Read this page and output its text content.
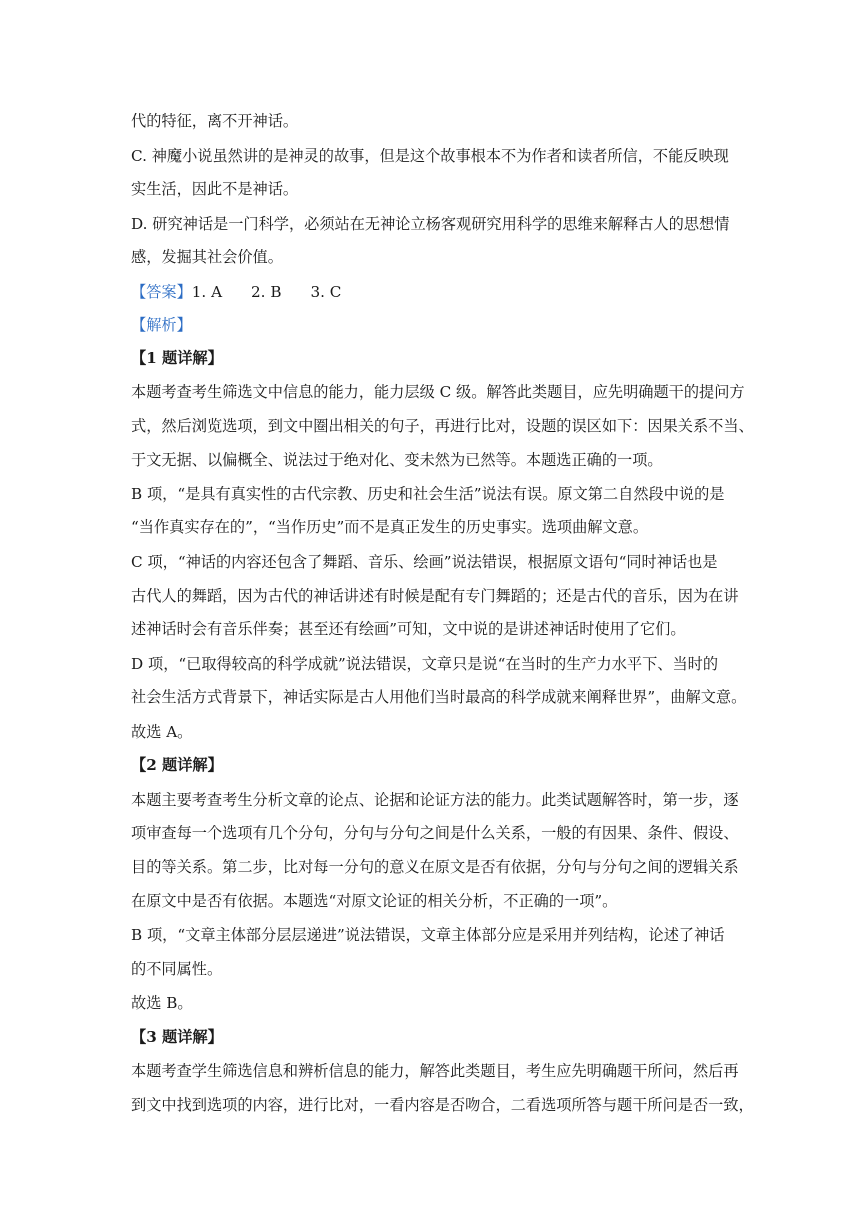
代的特征，离不开神话。
C. 神魔小说虽然讲的是神灵的故事，但是这个故事根本不为作者和读者所信，不能反映现
实生活，因此不是神话。
D. 研究神话是一门科学，必须站在无神论立杨客观研究用科学的思维来解释古人的思想情
感，发掘其社会价值。
【答案】1. A      2. B      3. C
【解析】
【1 题详解】
本题考查考生筛选文中信息的能力，能力层级 C 级。解答此类题目，应先明确题干的提问方
式，然后浏览选项，到文中圈出相关的句子，再进行比对，设题的误区如下：因果关系不当、
于文无据、以偏概全、说法过于绝对化、变未然为已然等。本题选正确的一项。
B 项，“是具有真实性的古代宗教、历史和社会生活”说法有误。原文第二自然段中说的是
“当作真实存在的”，“当作历史”而不是真正发生的历史事实。选项曲解文意。
C 项，“神话的内容还包含了舞蹈、音乐、绘画”说法错误，根据原文语句“同时神话也是
古代人的舞蹈，因为古代的神话讲述有时候是配有专门舞蹈的；还是古代的音乐，因为在讲
述神话时会有音乐伴奏；甚至还有绘画”可知，文中说的是讲述神话时使用了它们。
D 项，“已取得较高的科学成就”说法错误，文章只是说“在当时的生产力水平下、当时的
社会生活方式背景下，神话实际是古人用他们当时最高的科学成就来阐释世界”，曲解文意。
故选 A。
【2 题详解】
本题主要考查考生分析文章的论点、论据和论证方法的能力。此类试题解答时，第一步，逐
项审查每一个选项有几个分句，分句与分句之间是什么关系，一般的有因果、条件、假设、
目的等关系。第二步，比对每一分句的意义在原文是否有依据，分句与分句之间的逻辑关系
在原文中是否有依据。本题选“对原文论证的相关分析，不正确的一项”。
B 项，“文章主体部分层层递进”说法错误，文章主体部分应是采用并列结构，论述了神话
的不同属性。
故选 B。
【3 题详解】
本题考查学生筛选信息和辨析信息的能力，解答此类题目，考生应先明确题干所问，然后再
到文中找到选项的内容，进行比对，一看内容是否吻合，二看选项所答与题干所问是否一致，
